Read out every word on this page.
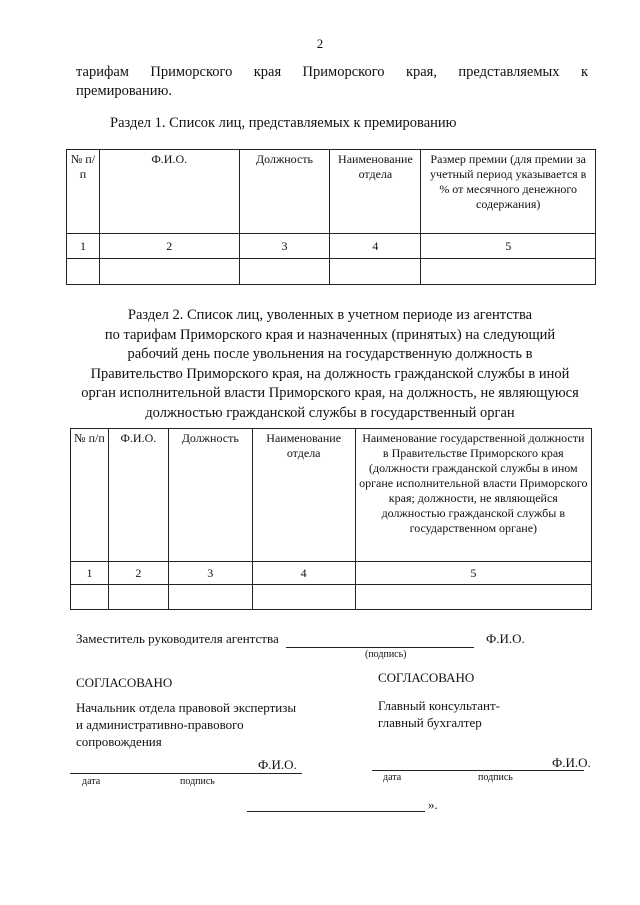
2
тарифам Приморского края Приморского края, представляемых к
премированию.
Раздел 1. Список лиц, представляемых к премированию
№ п/п	Ф.И.О.	Должность	Наименование отдела	Размер премии (для премии за учетный период указывается в % от месячного денежного содержания)
1	2	3	4	5

Раздел 2. Список лиц, уволенных в учетном периоде из агентства
по тарифам Приморского края и назначенных (принятых) на следующий
рабочий день после увольнения на государственную должность в
Правительство Приморского края, на должность гражданской службы в иной
орган исполнительной власти Приморского края, на должность, не являющуюся
должностью гражданской службы в государственный орган
№ п/п	Ф.И.О.	Должность	Наименование отдела	Наименование государственной должности в Правительстве Приморского края (должности гражданской службы в ином органе исполнительной власти Приморского края; должности, не являющейся должностью гражданской службы в государственном органе)
1	2	3	4	5

Заместитель руководителя агентства	Ф.И.О.
(подпись)
СОГЛАСОВАНО	СОГЛАСОВАНО
Начальник отдела правовой экспертизы
и административно-правового
сопровождения
Главный консультант-
главный бухгалтер
Ф.И.О.
дата	подпись
Ф.И.О.
дата	подпись
».
